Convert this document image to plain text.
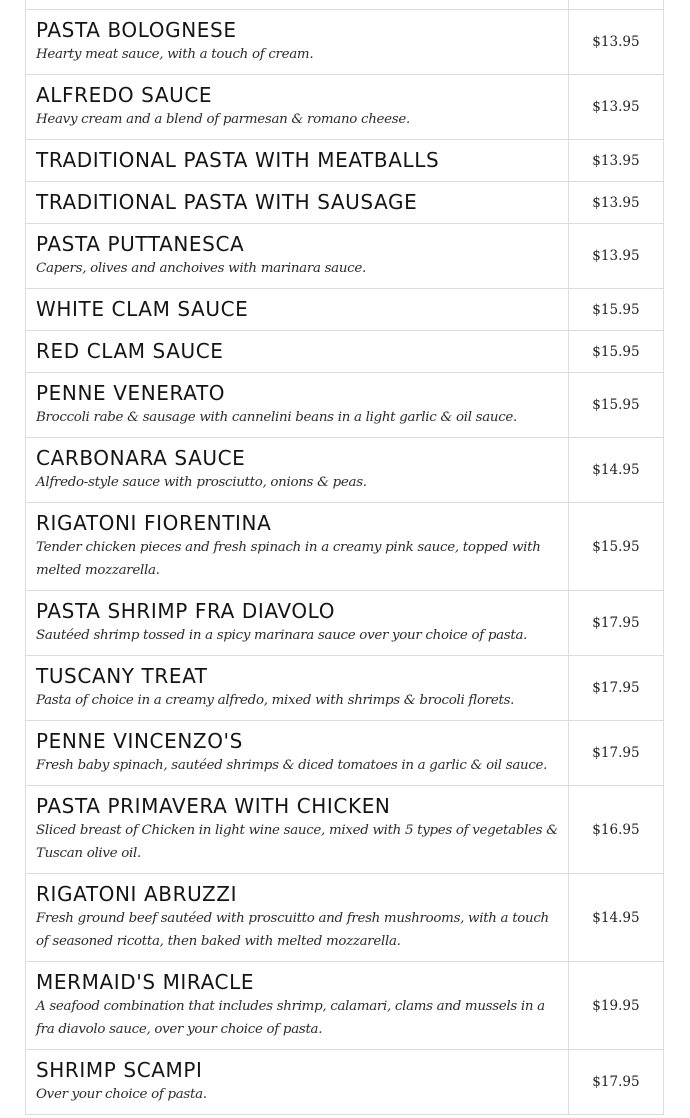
PASTA BOLOGNESE
Hearty meat sauce, with a touch of cream.	$13.95

ALFREDO SAUCE
Heavy cream and a blend of parmesan & romano cheese.	$13.95

TRADITIONAL PASTA WITH MEATBALLS	$13.95

TRADITIONAL PASTA WITH SAUSAGE	$13.95

PASTA PUTTANESCA
Capers, olives and anchoives with marinara sauce.	$13.95

WHITE CLAM SAUCE	$15.95

RED CLAM SAUCE	$15.95

PENNE VENERATO
Broccoli rabe & sausage with cannelini beans in a light garlic & oil sauce.	$15.95

CARBONARA SAUCE
Alfredo-style sauce with prosciutto, onions & peas.	$14.95

RIGATONI FIORENTINA
Tender chicken pieces and fresh spinach in a creamy pink sauce, topped with melted mozzarella.	$15.95

PASTA SHRIMP FRA DIAVOLO
Sautéed shrimp tossed in a spicy marinara sauce over your choice of pasta.	$17.95

TUSCANY TREAT
Pasta of choice in a creamy alfredo, mixed with shrimps & brocoli florets.	$17.95

PENNE VINCENZO'S
Fresh baby spinach, sautéed shrimps & diced tomatoes in a garlic & oil sauce.	$17.95

PASTA PRIMAVERA WITH CHICKEN
Sliced breast of Chicken in light wine sauce, mixed with 5 types of vegetables & Tuscan olive oil.	$16.95

RIGATONI ABRUZZI
Fresh ground beef sautéed with proscuitto and fresh mushrooms, with a touch of seasoned ricotta, then baked with melted mozzarella.	$14.95

MERMAID'S MIRACLE
A seafood combination that includes shrimp, calamari, clams and mussels in a fra diavolo sauce, over your choice of pasta.	$19.95

SHRIMP SCAMPI
Over your choice of pasta.	$17.95
